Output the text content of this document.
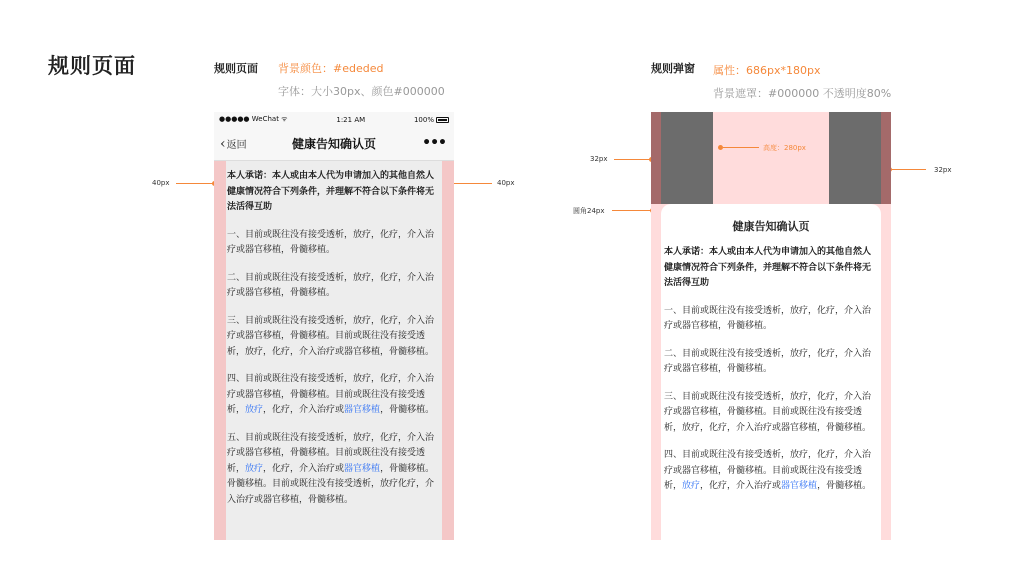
规则页面	规则页面 背景颜色：#ededed
字体：大小30px、颜色#000000
40px	40px
●●●●● WeChat ᯤ	1:21 AM	100%
‹返回	健康告知确认页	•••

本人承诺：本人或由本人代为申请加入的其他自然人健康情况符合下列条件，并理解不符合以下条件将无法活得互助

一、目前或既往没有接受透析，放疗，化疗，介入治疗或器官移植，骨髓移植。

二、目前或既往没有接受透析，放疗，化疗，介入治疗或器官移植，骨髓移植。

三、目前或既往没有接受透析，放疗，化疗，介入治疗或器官移植，骨髓移植。目前或既往没有接受透析，放疗，化疗，介入治疗或器官移植，骨髓移植。

四、目前或既往没有接受透析，放疗，化疗，介入治疗或器官移植，骨髓移植。目前或既往没有接受透析，放疗，化疗，介入治疗或器官移植，骨髓移植。

五、目前或既往没有接受透析，放疗，化疗，介入治疗或器官移植，骨髓移植。目前或既往没有接受透析，放疗，化疗，介入治疗或器官移植，骨髓移植。骨髓移植。目前或既往没有接受透析，放疗化疗，介入治疗或器官移植，骨髓移植。

规则弹窗 属性：686px*180px
背景遮罩：#000000 不透明度80%
32px
32px
圆角24px
高度：280px
健康告知确认页

本人承诺：本人或由本人代为申请加入的其他自然人健康情况符合下列条件，并理解不符合以下条件将无法活得互助

一、目前或既往没有接受透析，放疗，化疗，介入治疗或器官移植，骨髓移植。

二、目前或既往没有接受透析，放疗，化疗，介入治疗或器官移植，骨髓移植。

三、目前或既往没有接受透析，放疗，化疗，介入治疗或器官移植，骨髓移植。目前或既往没有接受透析，放疗，化疗，介入治疗或器官移植，骨髓移植。

四、目前或既往没有接受透析，放疗，化疗，介入治疗或器官移植，骨髓移植。目前或既往没有接受透析，放疗，化疗，介入治疗或器官移植，骨髓移植。
